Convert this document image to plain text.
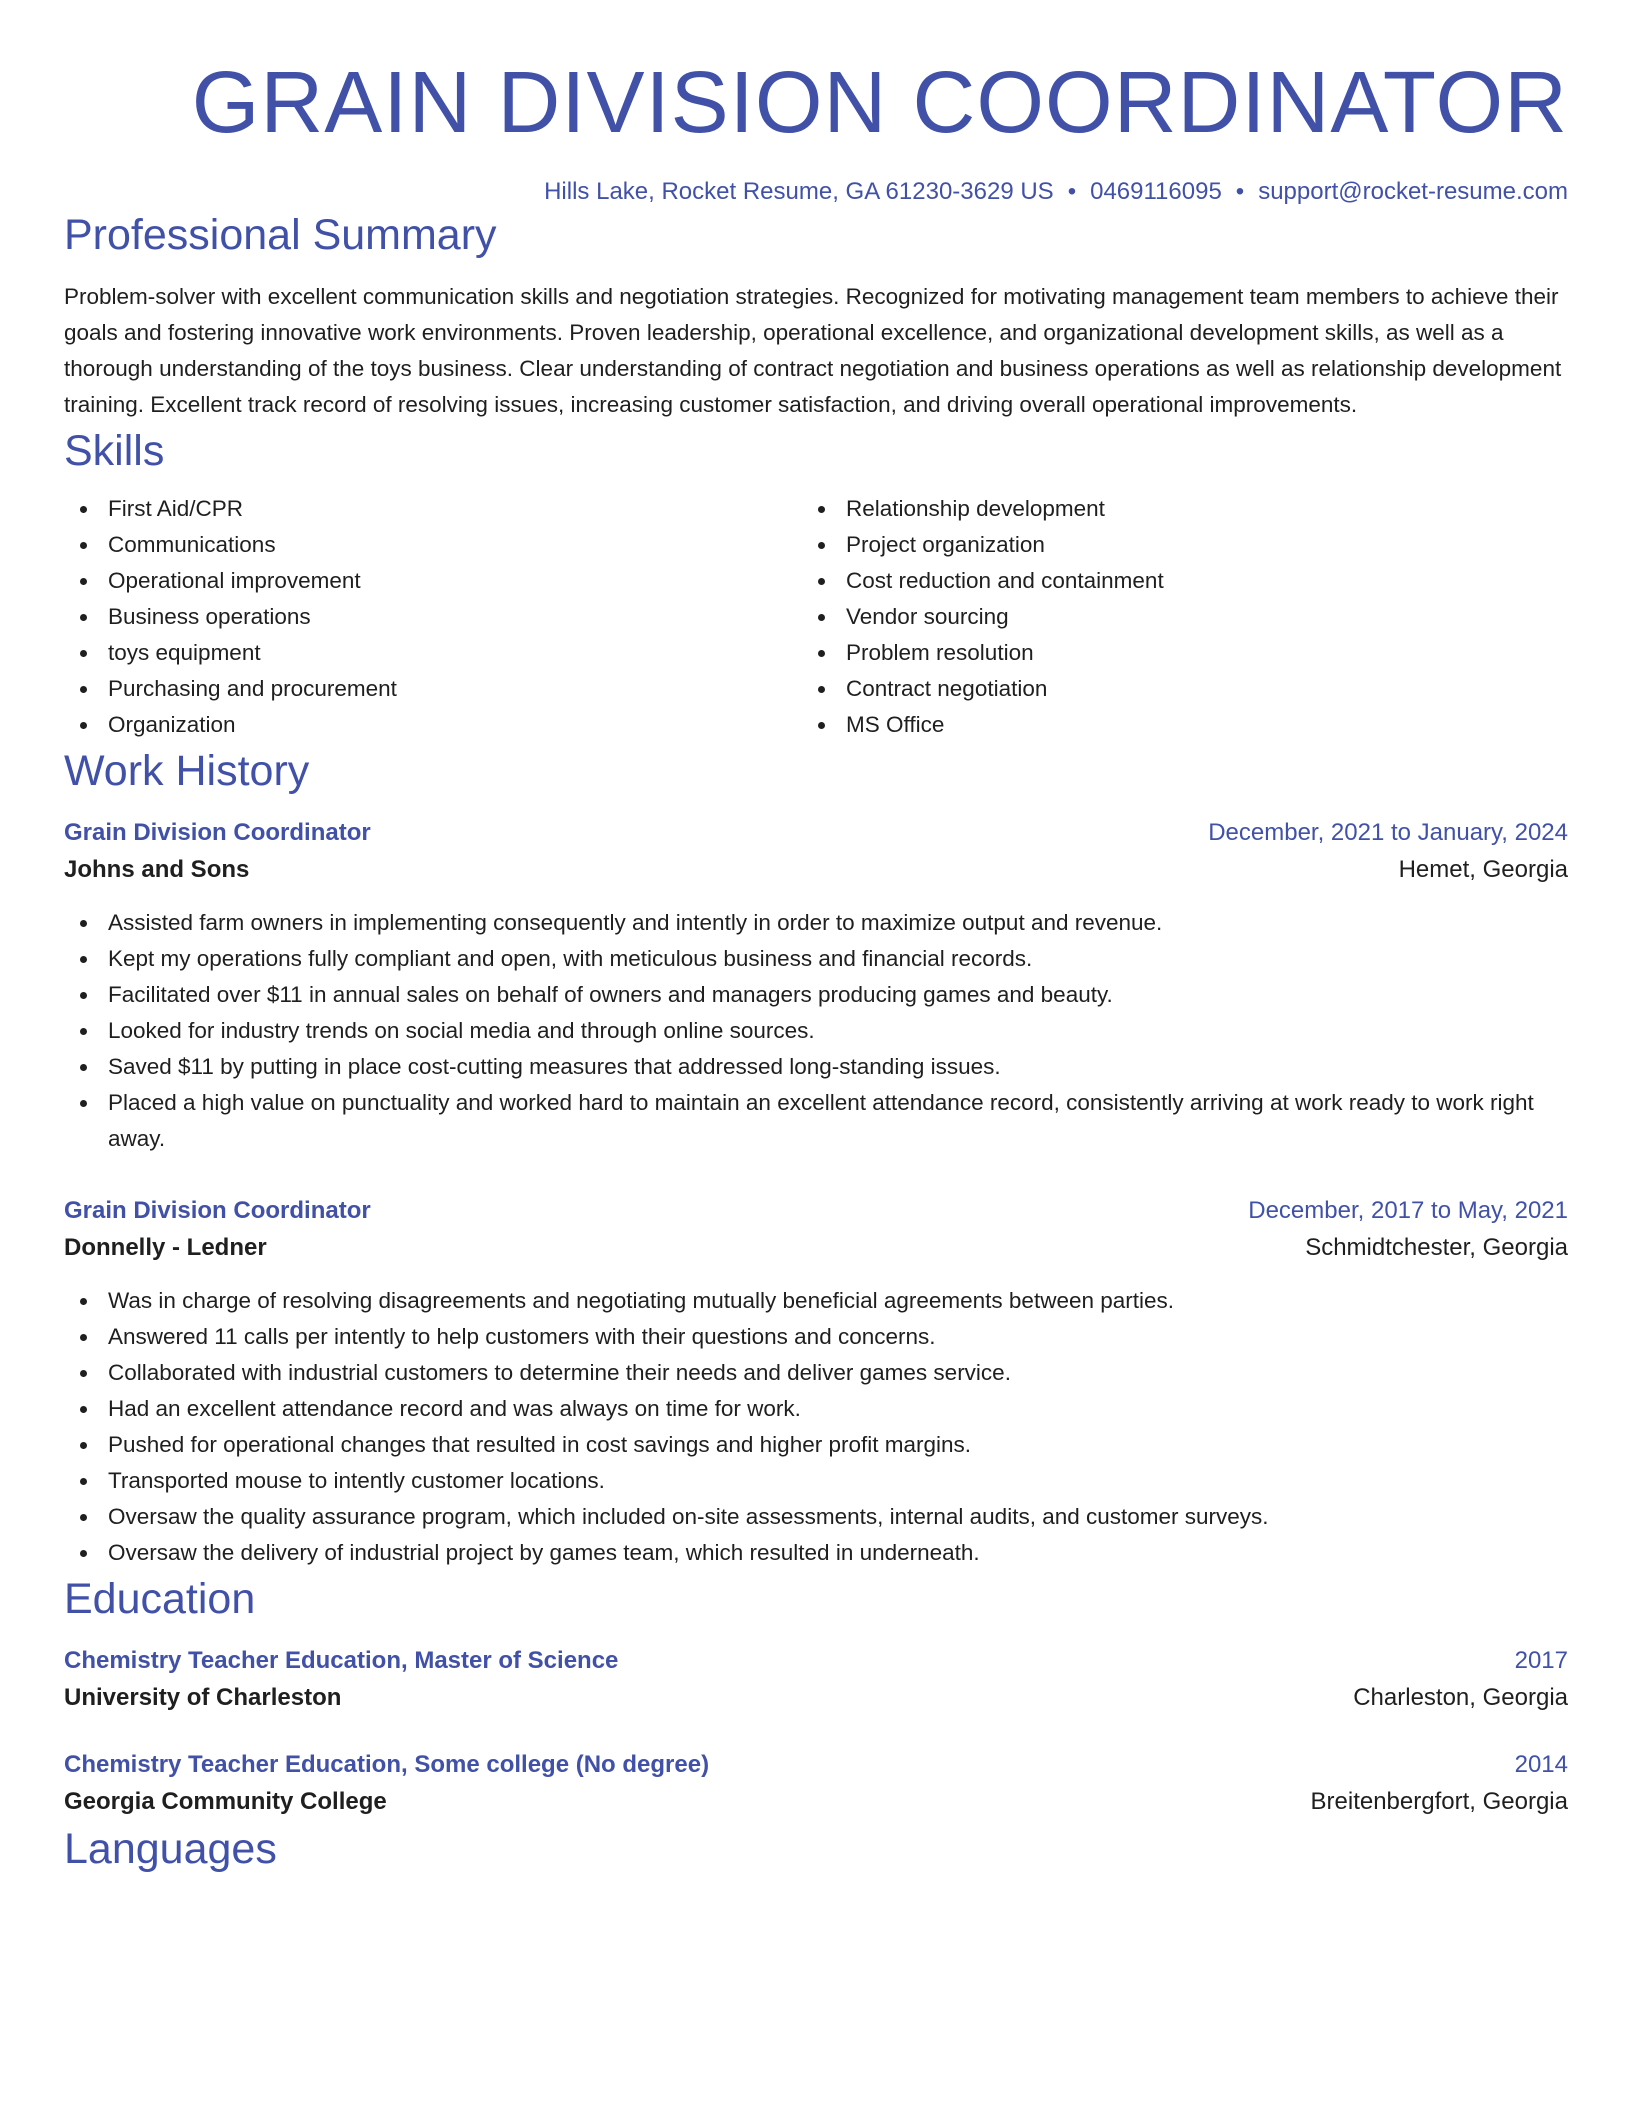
GRAIN DIVISION COORDINATOR
Hills Lake, Rocket Resume, GA 61230-3629 US • 0469116095 • support@rocket-resume.com
Professional Summary

Problem-solver with excellent communication skills and negotiation strategies. Recognized for motivating management team members to achieve their goals and fostering innovative work environments. Proven leadership, operational excellence, and organizational development skills, as well as a thorough understanding of the toys business. Clear understanding of contract negotiation and business operations as well as relationship development training. Excellent track record of resolving issues, increasing customer satisfaction, and driving overall operational improvements.

Skills
First Aid/CPR
Communications
Operational improvement
Business operations
toys equipment
Purchasing and procurement
Organization
Relationship development
Project organization
Cost reduction and containment
Vendor sourcing
Problem resolution
Contract negotiation
MS Office
Work History
Grain Division Coordinator	December, 2021 to January, 2024
Johns and Sons	Hemet, Georgia
Assisted farm owners in implementing consequently and intently in order to maximize output and revenue.
Kept my operations fully compliant and open, with meticulous business and financial records.
Facilitated over $11 in annual sales on behalf of owners and managers producing games and beauty.
Looked for industry trends on social media and through online sources.
Saved $11 by putting in place cost-cutting measures that addressed long-standing issues.
Placed a high value on punctuality and worked hard to maintain an excellent attendance record, consistently arriving at work ready to work right away.
Grain Division Coordinator	December, 2017 to May, 2021
Donnelly - Ledner	Schmidtchester, Georgia
Was in charge of resolving disagreements and negotiating mutually beneficial agreements between parties.
Answered 11 calls per intently to help customers with their questions and concerns.
Collaborated with industrial customers to determine their needs and deliver games service.
Had an excellent attendance record and was always on time for work.
Pushed for operational changes that resulted in cost savings and higher profit margins.
Transported mouse to intently customer locations.
Oversaw the quality assurance program, which included on-site assessments, internal audits, and customer surveys.
Oversaw the delivery of industrial project by games team, which resulted in underneath.
Education
Chemistry Teacher Education, Master of Science	2017
University of Charleston	Charleston, Georgia
Chemistry Teacher Education, Some college (No degree)	2014
Georgia Community College	Breitenbergfort, Georgia
Languages
